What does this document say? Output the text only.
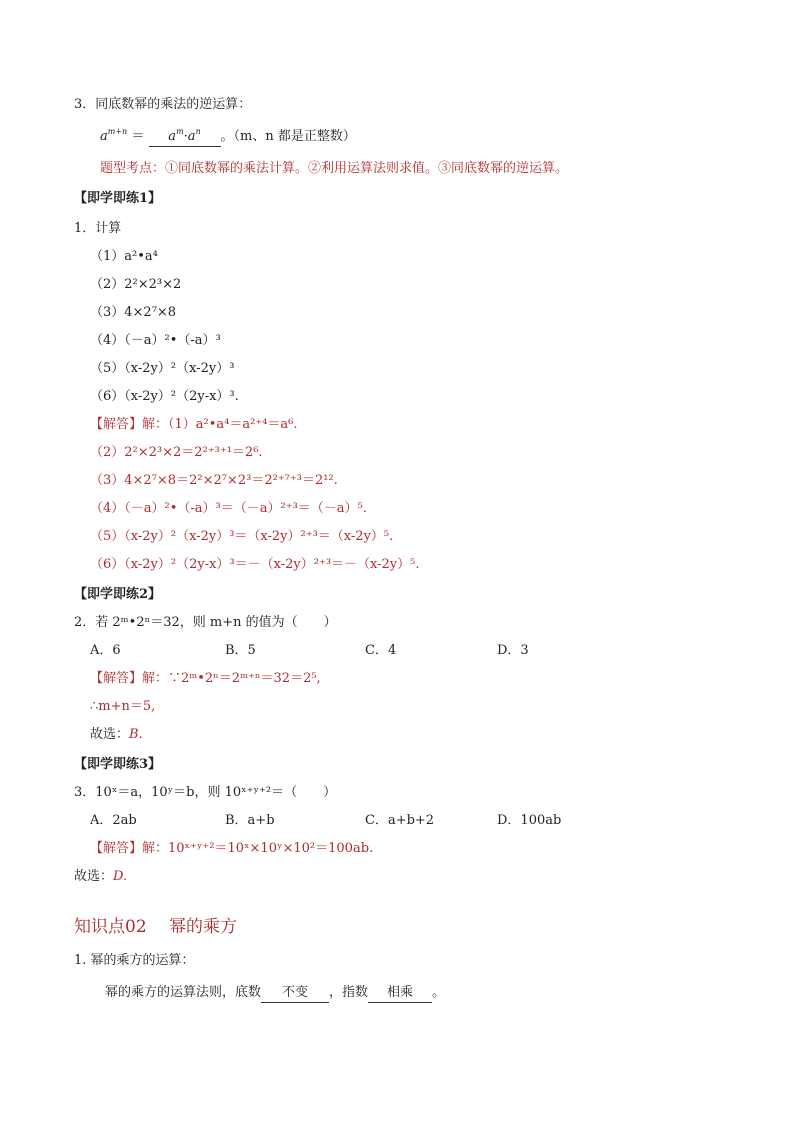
3．同底数幂的乘法的逆运算：
$a^{m+n} = a^m\cdot a^n$ 。（m、n 都是正整数）
题型考点：①同底数幂的乘法计算。②利用运算法则求值。③同底数幂的逆运算。
【即学即练1】
1．计算
（1）a²•a⁴
（2）2²×2³×2
（3）4×2⁷×8
（4）（－a）²•（-a）³
（5）（x-2y）²（x-2y）³
（6）（x-2y）²（2y-x）³.
【解答】解：（1）a²•a⁴＝a²⁺⁴＝a⁶.
（2）2²×2³×2＝2²⁺³⁺¹＝2⁶.
（3）4×2⁷×8＝2²×2⁷×2³＝2²⁺⁷⁺³＝2¹².
（4）（－a）²•（-a）³＝（－a）²⁺³＝（－a）⁵.
（5）（x-2y）²（x-2y）³＝（x-2y）²⁺³＝（x-2y）⁵.
（6）（x-2y）²（2y-x）³＝－（x-2y）²⁺³＝－（x-2y）⁵.
【即学即练2】
2．若 2ᵐ•2ⁿ＝32，则 m+n 的值为（　　）
A．6	B．5	C．4	D．3
【解答】解：∵2ᵐ•2ⁿ＝2ᵐ⁺ⁿ＝32＝2⁵,
∴m+n＝5,
故选：B.
【即学即练3】
3．10ˣ＝a，10ʸ＝b，则 10ˣ⁺ʸ⁺²＝（　　）
A．2ab	B．a+b	C．a+b+2	D．100ab
【解答】解：10ˣ⁺ʸ⁺²＝10ˣ×10ʸ×10²＝100ab.
故选：D.
知识点02　 幂的乘方
1. 幂的乘方的运算：
幂的乘方的运算法则，底数 不变 ，指数 相乘 。
